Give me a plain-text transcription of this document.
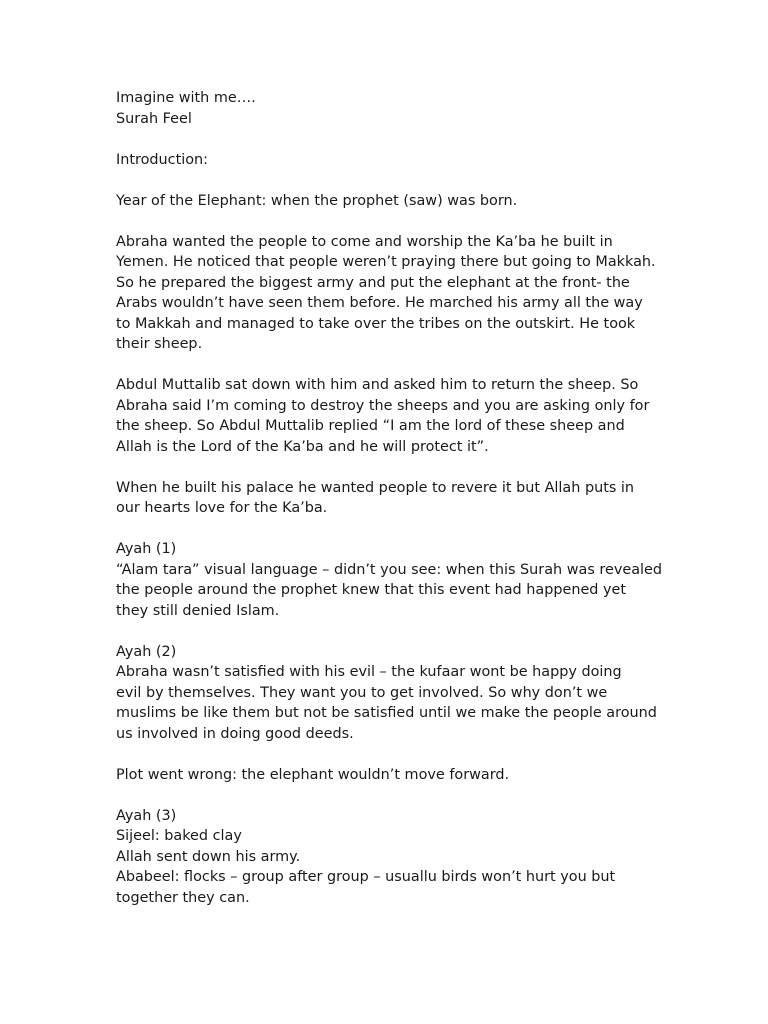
Imagine with me….
Surah Feel

Introduction:

Year of the Elephant: when the prophet (saw) was born.

Abraha wanted the people to come and worship the Ka’ba he built in
Yemen. He noticed that people weren’t praying there but going to Makkah.
So he prepared the biggest army and put the elephant at the front- the
Arabs wouldn’t have seen them before. He marched his army all the way
to Makkah and managed to take over the tribes on the outskirt. He took
their sheep.

Abdul Muttalib sat down with him and asked him to return the sheep. So
Abraha said I’m coming to destroy the sheeps and you are asking only for
the sheep. So Abdul Muttalib replied “I am the lord of these sheep and
Allah is the Lord of the Ka’ba and he will protect it”.

When he built his palace he wanted people to revere it but Allah puts in
our hearts love for the Ka’ba.

Ayah (1)
“Alam tara” visual language – didn’t you see: when this Surah was revealed
the people around the prophet knew that this event had happened yet
they still denied Islam.

Ayah (2)
Abraha wasn’t satisfied with his evil – the kufaar wont be happy doing
evil by themselves. They want you to get involved. So why don’t we
muslims be like them but not be satisfied until we make the people around
us involved in doing good deeds.

Plot went wrong: the elephant wouldn’t move forward.

Ayah (3)
Sijeel: baked clay
Allah sent down his army.
Ababeel: flocks – group after group – usuallu birds won’t hurt you but
together they can.
